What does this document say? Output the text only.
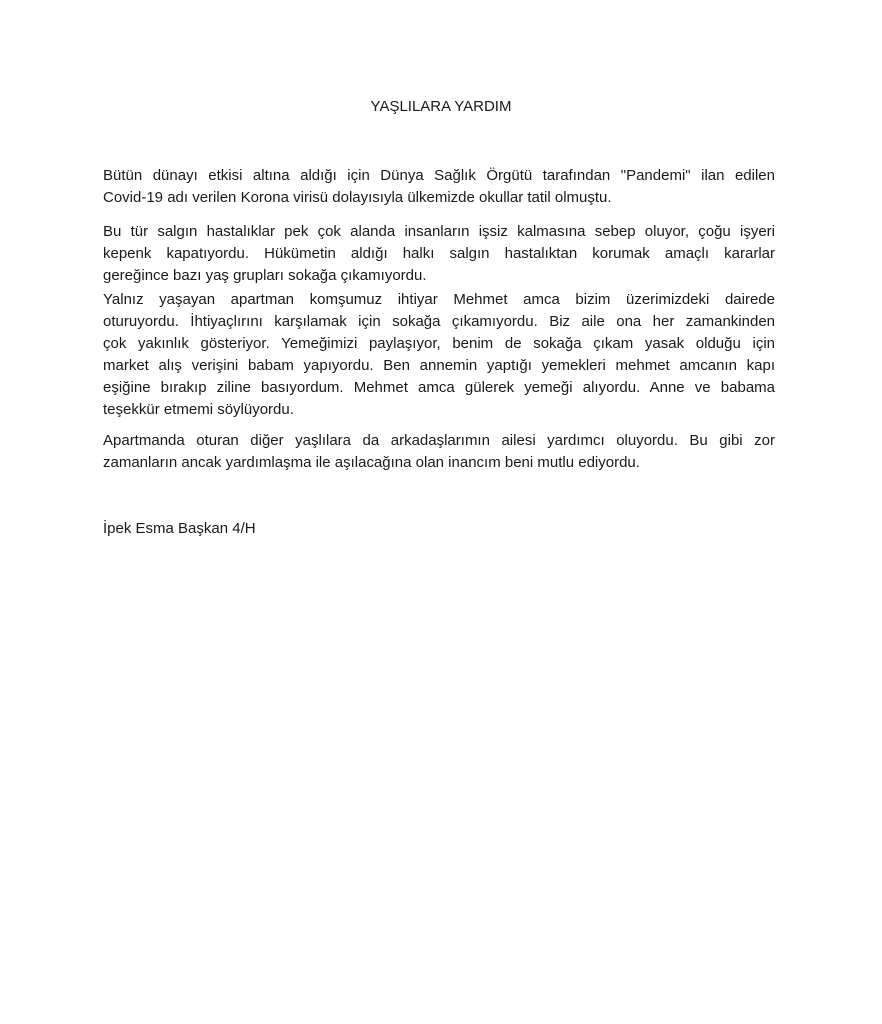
YAŞLILARA YARDIM
Bütün dünayı etkisi altına aldığı için Dünya Sağlık Örgütü tarafından "Pandemi" ilan edilen
Covid-19 adı verilen Korona virisü dolayısıyla ülkemizde okullar tatil olmuştu.
Bu tür salgın hastalıklar pek çok alanda insanların işsiz kalmasına sebep oluyor, çoğu işyeri
kepenk kapatıyordu. Hükümetin aldığı halkı salgın hastalıktan korumak amaçlı kararlar
gereğince bazı yaş grupları sokağa çıkamıyordu.
Yalnız yaşayan apartman komşumuz ihtiyar Mehmet amca bizim üzerimizdeki dairede
oturuyordu. İhtiyaçlırını karşılamak için sokağa çıkamıyordu. Biz aile ona her zamankinden
çok yakınlık gösteriyor. Yemeğimizi paylaşıyor, benim de sokağa çıkam yasak olduğu için
market alış verişini babam yapıyordu. Ben annemin yaptığı yemekleri mehmet amcanın kapı
eşiğine bırakıp ziline basıyordum. Mehmet amca gülerek yemeği alıyordu. Anne ve babama
teşekkür etmemi söylüyordu.
Apartmanda oturan diğer yaşlılara da arkadaşlarımın ailesi yardımcı oluyordu. Bu gibi zor
zamanların ancak yardımlaşma ile aşılacağına olan inancım beni mutlu ediyordu.
İpek Esma Başkan 4/H
